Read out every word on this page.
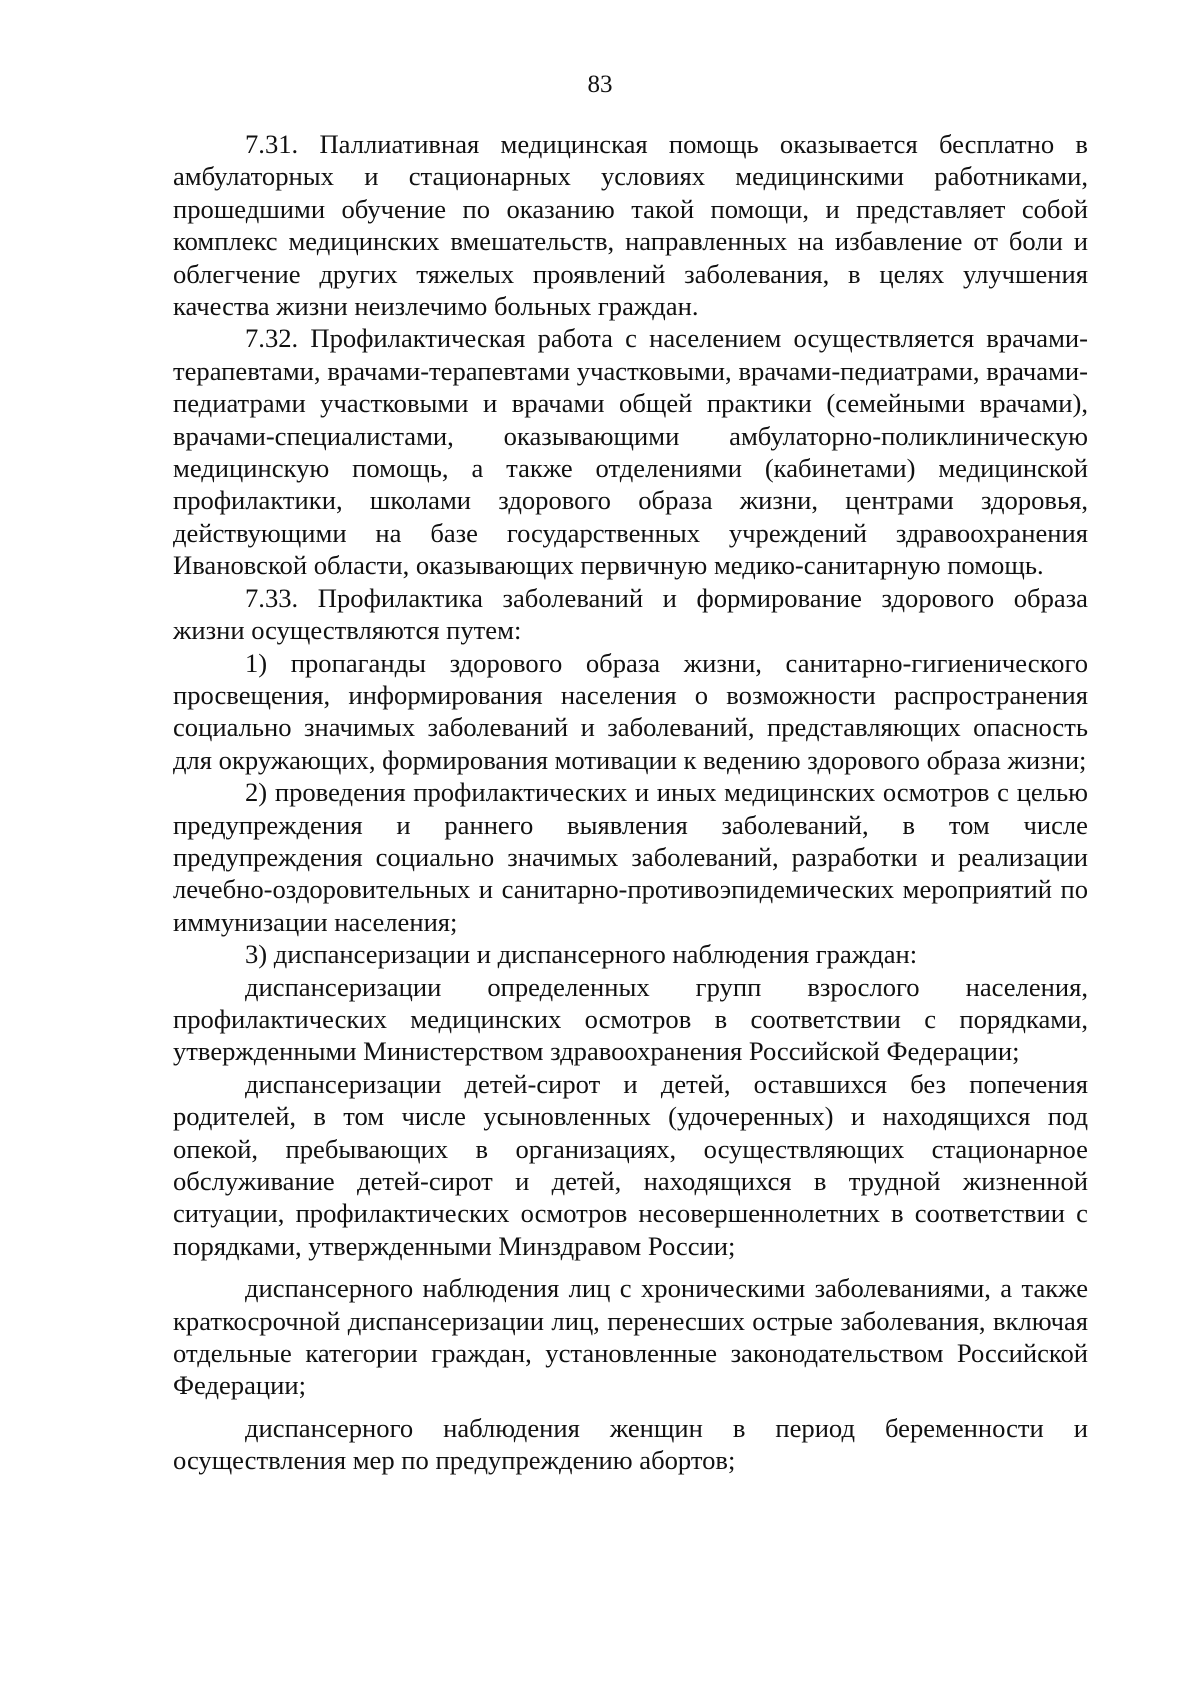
83

7.31. Паллиативная медицинская помощь оказывается бесплатно в амбулаторных и стационарных условиях медицинскими работниками, прошедшими обучение по оказанию такой помощи, и представляет собой комплекс медицинских вмешательств, направленных на избавление от боли и облегчение других тяжелых проявлений заболевания, в целях улучшения качества жизни неизлечимо больных граждан.

7.32. Профилактическая работа с населением осуществляется врачами-терапевтами, врачами-терапевтами участковыми, врачами-педиатрами, врачами-педиатрами участковыми и врачами общей практики (семейными врачами), врачами-специалистами, оказывающими амбулаторно-поликлиническую медицинскую помощь, а также отделениями (кабинетами) медицинской профилактики, школами здорового образа жизни, центрами здоровья, действующими на базе государственных учреждений здравоохранения Ивановской области, оказывающих первичную медико-санитарную помощь.

7.33. Профилактика заболеваний и формирование здорового образа жизни осуществляются путем:

1) пропаганды здорового образа жизни, санитарно-гигиенического просвещения, информирования населения о возможности распространения социально значимых заболеваний и заболеваний, представляющих опасность для окружающих, формирования мотивации к ведению здорового образа жизни;

2) проведения профилактических и иных медицинских осмотров с целью предупреждения и раннего выявления заболеваний, в том числе предупреждения социально значимых заболеваний, разработки и реализации лечебно-оздоровительных и санитарно-противоэпидемических мероприятий по иммунизации населения;

3) диспансеризации и диспансерного наблюдения граждан:

диспансеризации определенных групп взрослого населения, профилактических медицинских осмотров в соответствии с порядками, утвержденными Министерством здравоохранения Российской Федерации;

диспансеризации детей-сирот и детей, оставшихся без попечения родителей, в том числе усыновленных (удочеренных) и находящихся под опекой, пребывающих в организациях, осуществляющих стационарное обслуживание детей-сирот и детей, находящихся в трудной жизненной ситуации, профилактических осмотров несовершеннолетних в соответствии с порядками, утвержденными Минздравом России;

диспансерного наблюдения лиц с хроническими заболеваниями, а также краткосрочной диспансеризации лиц, перенесших острые заболевания, включая отдельные категории граждан, установленные законодательством Российской Федерации;

диспансерного наблюдения женщин в период беременности и осуществления мер по предупреждению абортов;
